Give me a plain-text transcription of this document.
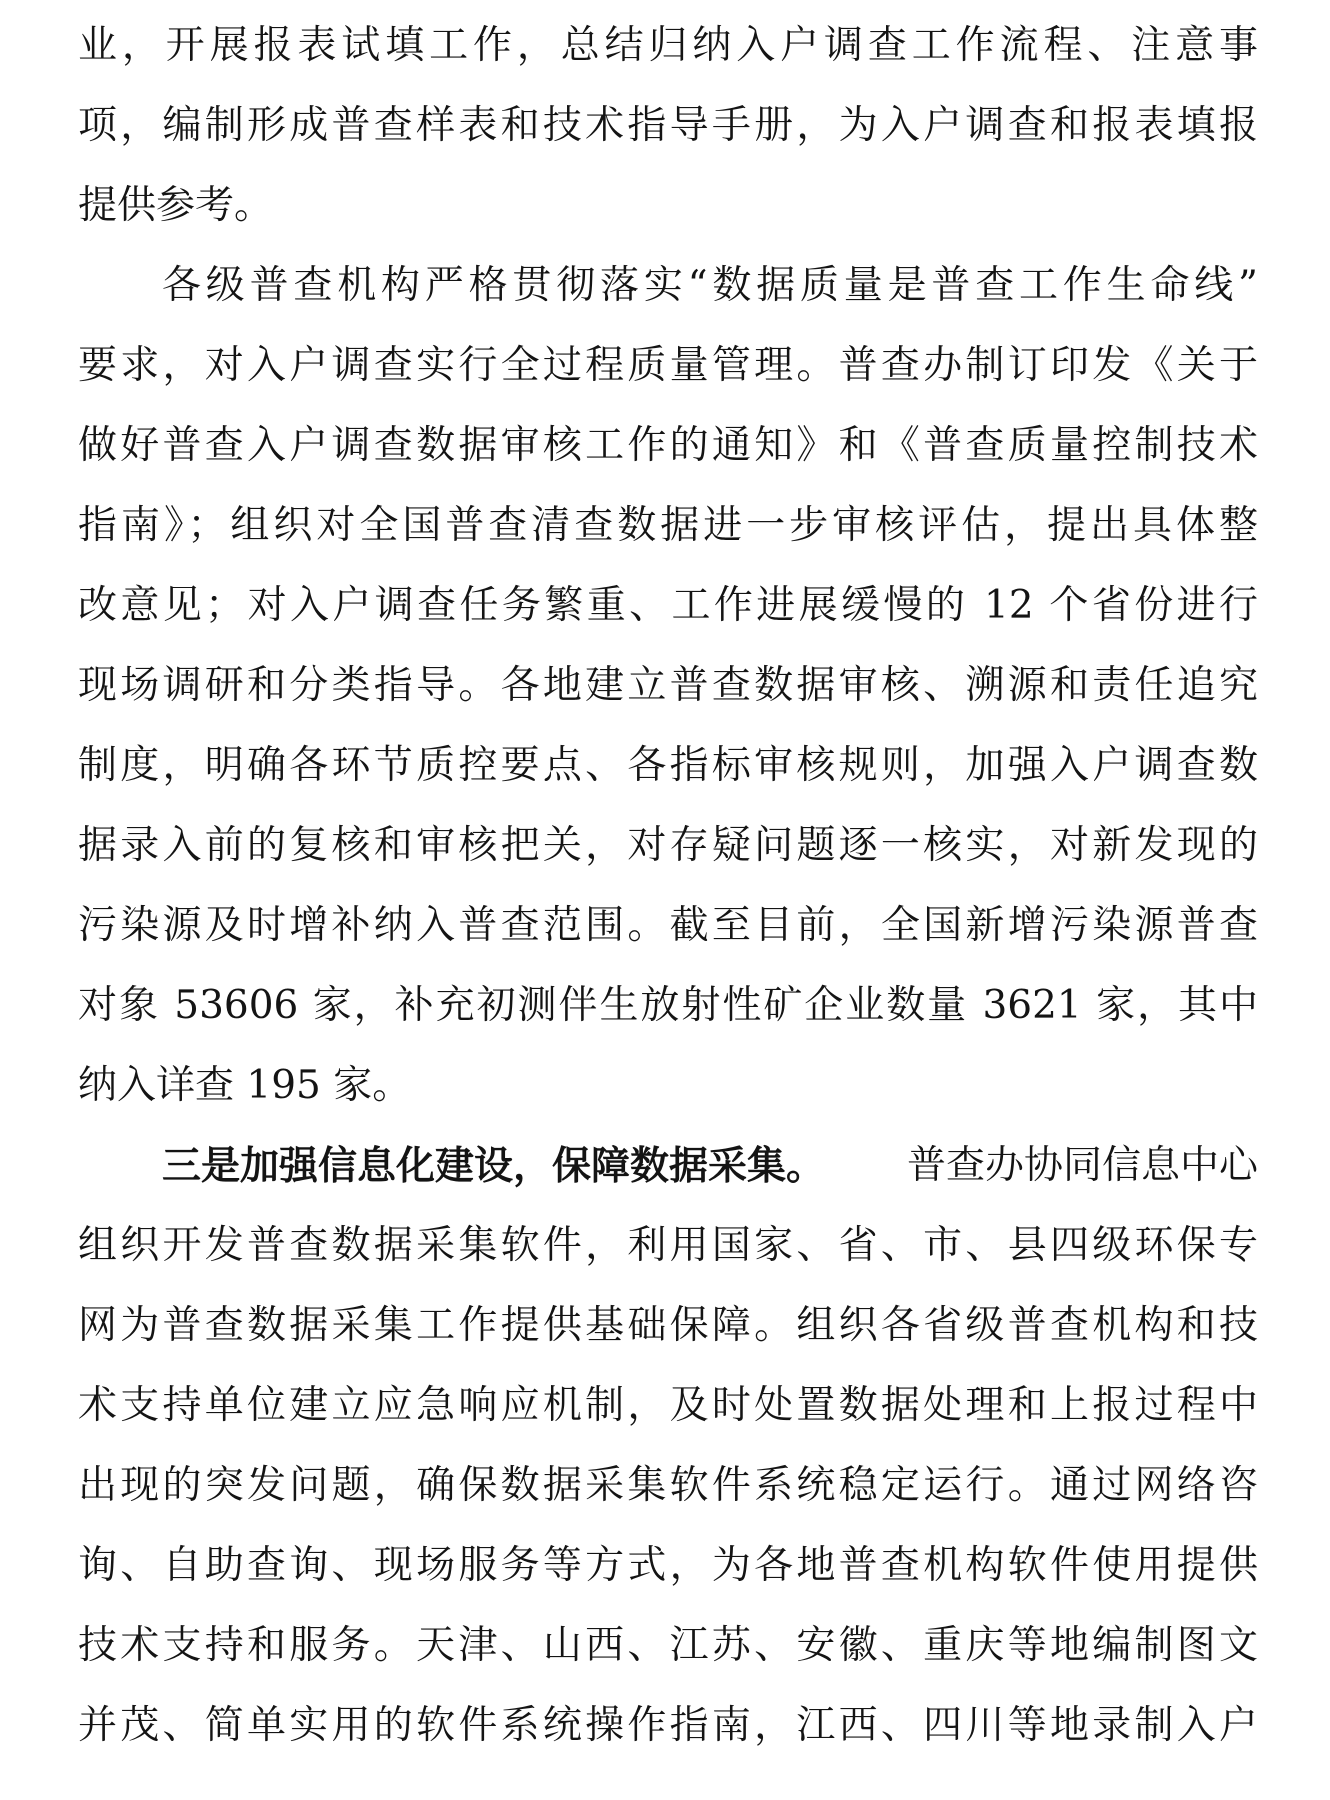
业，开展报表试填工作，总结归纳入户调查工作流程、注意事
项，编制形成普查样表和技术指导手册，为入户调查和报表填报
提供参考。
各级普查机构严格贯彻落实“数据质量是普查工作生命线”
要求，对入户调查实行全过程质量管理。普查办制订印发《关于
做好普查入户调查数据审核工作的通知》和《普查质量控制技术
指南》；组织对全国普查清查数据进一步审核评估，提出具体整
改意见；对入户调查任务繁重、工作进展缓慢的 12 个省份进行
现场调研和分类指导。各地建立普查数据审核、溯源和责任追究
制度，明确各环节质控要点、各指标审核规则，加强入户调查数
据录入前的复核和审核把关，对存疑问题逐一核实，对新发现的
污染源及时增补纳入普查范围。截至目前，全国新增污染源普查
对象 53606 家，补充初测伴生放射性矿企业数量 3621 家，其中
纳入详查 195 家。
三是加强信息化建设，保障数据采集。 普查办协同信息中心
组织开发普查数据采集软件，利用国家、省、市、县四级环保专
网为普查数据采集工作提供基础保障。组织各省级普查机构和技
术支持单位建立应急响应机制，及时处置数据处理和上报过程中
出现的突发问题，确保数据采集软件系统稳定运行。通过网络咨
询、自助查询、现场服务等方式，为各地普查机构软件使用提供
技术支持和服务。天津、山西、江苏、安徽、重庆等地编制图文
并茂、简单实用的软件系统操作指南，江西、四川等地录制入户
